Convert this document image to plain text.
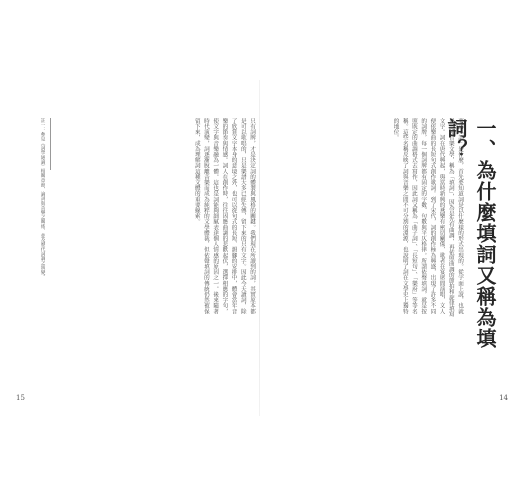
只有詞牌，才是決定詞的體製與風格的關鍵。我們現在所讀到的詞，其實原本都是可以歌唱的，只是樂譜大多已經失傳，留下來的只有文字。因此今天讀詞，除了欣賞文字本身的意境之外，也可以從句式的長短、韻腳的安排中，體會當年音樂的節奏與情感。詞人在創作時，往往因應曲調的悲歡起伏，選擇相應的字句，使文字與音樂融為一體。這也是詞能夠細膩表達個人情感的原因之一。後來隨著時代演變，詞逐漸脫離音樂而成為純粹的文學體裁，但依聲填詞的傳統仍然被保留下來，成為理解詞這種文體的重要線索。
註一：參見《詞學通論》相關章節，論詞與音樂之關係，並及歷代詞調之演變。
15
一、為什麼填詞又稱為填詞？
要講「詞」是什麼，首先要知道詞是以什麼樣的形式出現的。從字面上說，也就是一種音樂文學，稱為「填詞」，因為是先有曲調，再依照曲調的節拍和旋律填寫文字。詞在唐代興起，與當時新興的燕樂有密切關係，歌者在宴席間演唱，文人便依樂曲的長短句式創作歌詞。到了宋代，詞的創作極為興盛，出現了許多不同的詞牌，每一個詞牌都有固定的字數、句數與平仄格律。所謂依聲填詞，就是按照既定的曲調格式去寫作，因此詞又稱為「曲子詞」、「長短句」、「樂府」等等名稱。這些名稱反映了詞與音樂之間不可分割的淵源，也說明了詞在文學史上獨特的地位。
14
